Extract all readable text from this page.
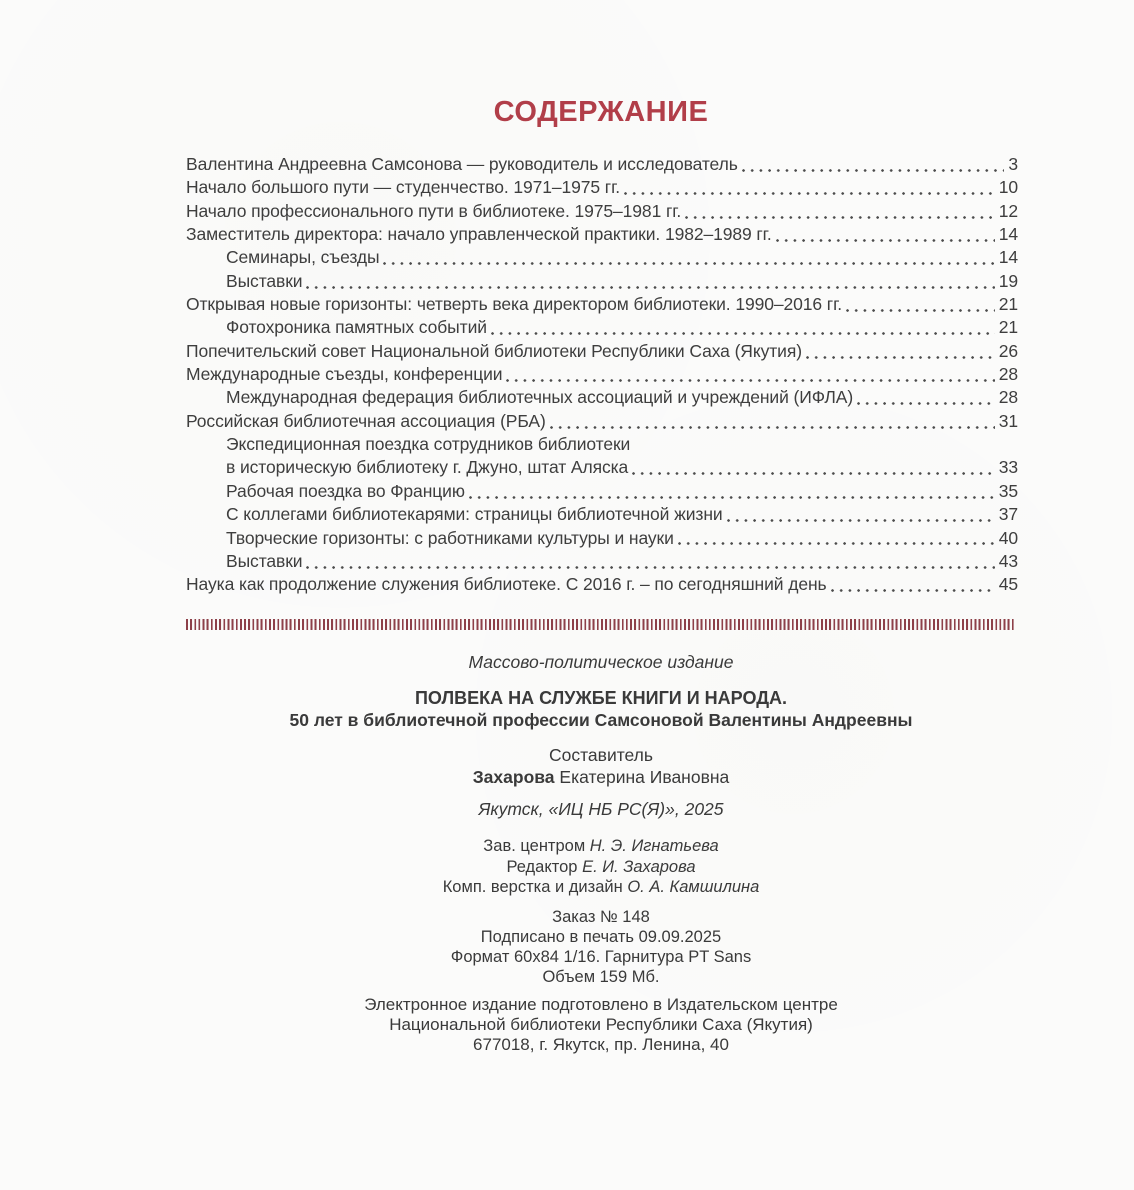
СОДЕРЖАНИЕ
Валентина Андреевна Самсонова — руководитель и исследователь	3
Начало большого пути — студенчество. 1971–1975 гг.	10
Начало профессионального пути в библиотеке. 1975–1981 гг.	12
Заместитель директора: начало управленческой практики. 1982–1989 гг.	14
Семинары, съезды	14
Выставки	19
Открывая новые горизонты: четверть века директором библиотеки. 1990–2016 гг.	21
Фотохроника памятных событий	21
Попечительский совет Национальной библиотеки Республики Саха (Якутия)	26
Международные съезды, конференции	28
Международная федерация библиотечных ассоциаций и учреждений (ИФЛА)	28
Российская библиотечная ассоциация (РБА)	31
Экспедиционная поездка сотрудников библиотеки
в историческую библиотеку г. Джуно, штат Аляска	33
Рабочая поездка во Францию	35
С коллегами библиотекарями: страницы библиотечной жизни	37
Творческие горизонты: с работниками культуры и науки	40
Выставки	43
Наука как продолжение служения библиотеке. С 2016 г. – по сегодняшний день	45

Массово-политическое издание

ПОЛВЕКА НА СЛУЖБЕ КНИГИ И НАРОДА.

50 лет в библиотечной профессии Самсоновой Валентины Андреевны

Составитель

Захарова Екатерина Ивановна

Якутск, «ИЦ НБ РС(Я)», 2025

Зав. центром Н. Э. Игнатьева

Редактор Е. И. Захарова

Комп. верстка и дизайн О. А. Камшилина

Заказ № 148

Подписано в печать 09.09.2025

Формат 60х84 1/16. Гарнитура PT Sans

Объем 159 Мб.

Электронное издание подготовлено в Издательском центре

Национальной библиотеки Республики Саха (Якутия)

677018, г. Якутск, пр. Ленина, 40
